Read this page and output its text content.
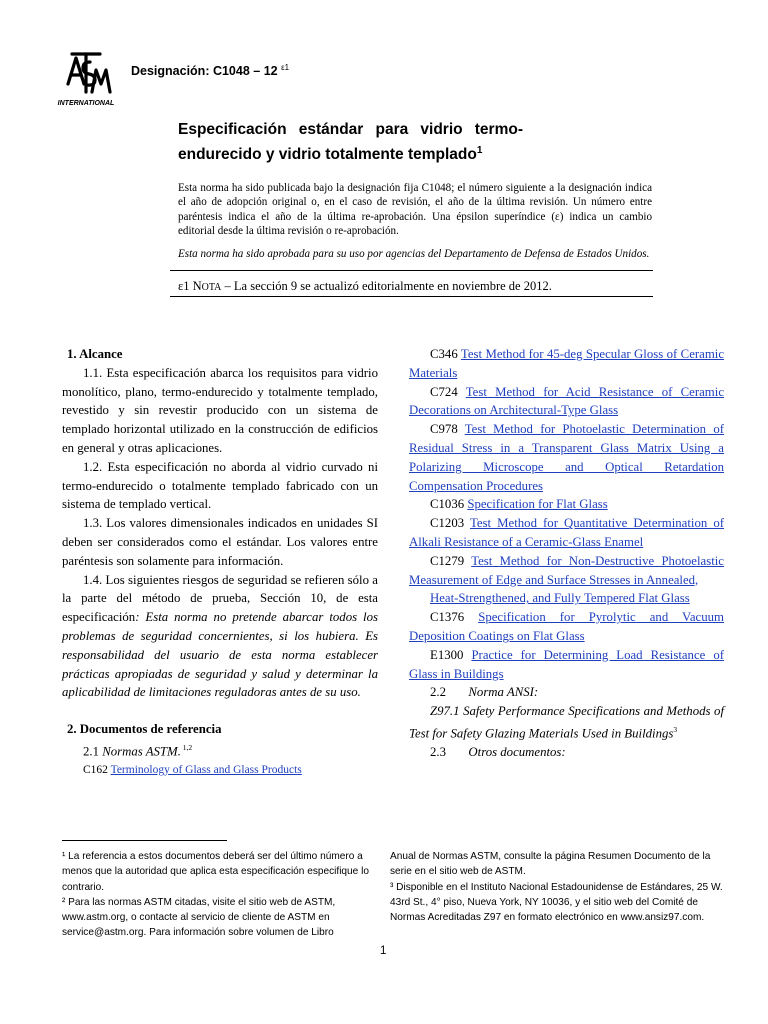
INTERNATIONAL
Designación: C1048 – 12 $^{\varepsilon 1}$
Especificación estándar para vidrio termo-
endurecido y vidrio totalmente templado$^1$
Esta norma ha sido publicada bajo la designación fija C1048; el número siguiente a la designación indica
el año de adopción original o, en el caso de revisión, el año de la última revisión. Un número entre
paréntesis indica el año de la última re-aprobación. Una épsilon superíndice (ε) indica un cambio
editorial desde la última revisión o re-aprobación.
Esta norma ha sido aprobada para su uso por agencias del Departamento de Defensa de Estados Unidos.
ε1 NOTA – La sección 9 se actualizó editorialmente en noviembre de 2012.

1. Alcance

1.1. Esta especificación abarca los requisitos para vidrio monolítico, plano, termo-endurecido y totalmente templado, revestido y sin revestir producido con un sistema de templado horizontal utilizado en la construcción de edificios en general y otras aplicaciones.

1.2. Esta especificación no aborda al vidrio curvado ni termo-endurecido o totalmente templado fabricado con un sistema de templado vertical.

1.3. Los valores dimensionales indicados en unidades SI deben ser considerados como el estándar. Los valores entre paréntesis son solamente para información.

1.4. Los siguientes riesgos de seguridad se refieren sólo a la parte del método de prueba, Sección 10, de esta especificación: Esta norma no pretende abarcar todos los problemas de seguridad concernientes, si los hubiera. Es responsabilidad del usuario de esta norma establecer prácticas apropiadas de seguridad y salud y determinar la aplicabilidad de limitaciones reguladoras antes de su uso.

2. Documentos de referencia

2.1 Normas ASTM. $^{1,2}$

C162 Terminology of Glass and Glass Products

C346 Test Method for 45-deg Specular Gloss of Ceramic Materials

C724 Test Method for Acid Resistance of Ceramic Decorations on Architectural-Type Glass

C978 Test Method for Photoelastic Determination of Residual Stress in a Transparent Glass Matrix Using a Polarizing Microscope and Optical Retardation Compensation Procedures

C1036 Specification for Flat Glass

C1203 Test Method for Quantitative Determination of Alkali Resistance of a Ceramic-Glass Enamel

C1279 Test Method for Non-Destructive Photoelastic Measurement of Edge and Surface Stresses in Annealed,

Heat-Strengthened, and Fully Tempered Flat Glass

C1376 Specification for Pyrolytic and Vacuum Deposition Coatings on Flat Glass

E1300 Practice for Determining Load Resistance of Glass in Buildings

2.2       Norma ANSI:

Z97.1 Safety Performance Specifications and Methods of Test for Safety Glazing Materials Used in Buildings$^3$

2.3       Otros documentos:

¹ La referencia a estos documentos deberá ser del último número a menos que la autoridad que aplica esta especificación especifique lo contrario.

² Para las normas ASTM citadas, visite el sitio web de ASTM, www.astm.org, o contacte al servicio de cliente de ASTM en service@astm.org. Para información sobre volumen de Libro

Anual de Normas ASTM, consulte la página Resumen Documento de la serie en el sitio web de ASTM.

³ Disponible en el Instituto Nacional Estadounidense de Estándares, 25 W. 43rd St., 4° piso, Nueva York, NY 10036, y el sitio web del Comité de Normas Acreditadas Z97 en formato electrónico en www.ansiz97.com.

1
